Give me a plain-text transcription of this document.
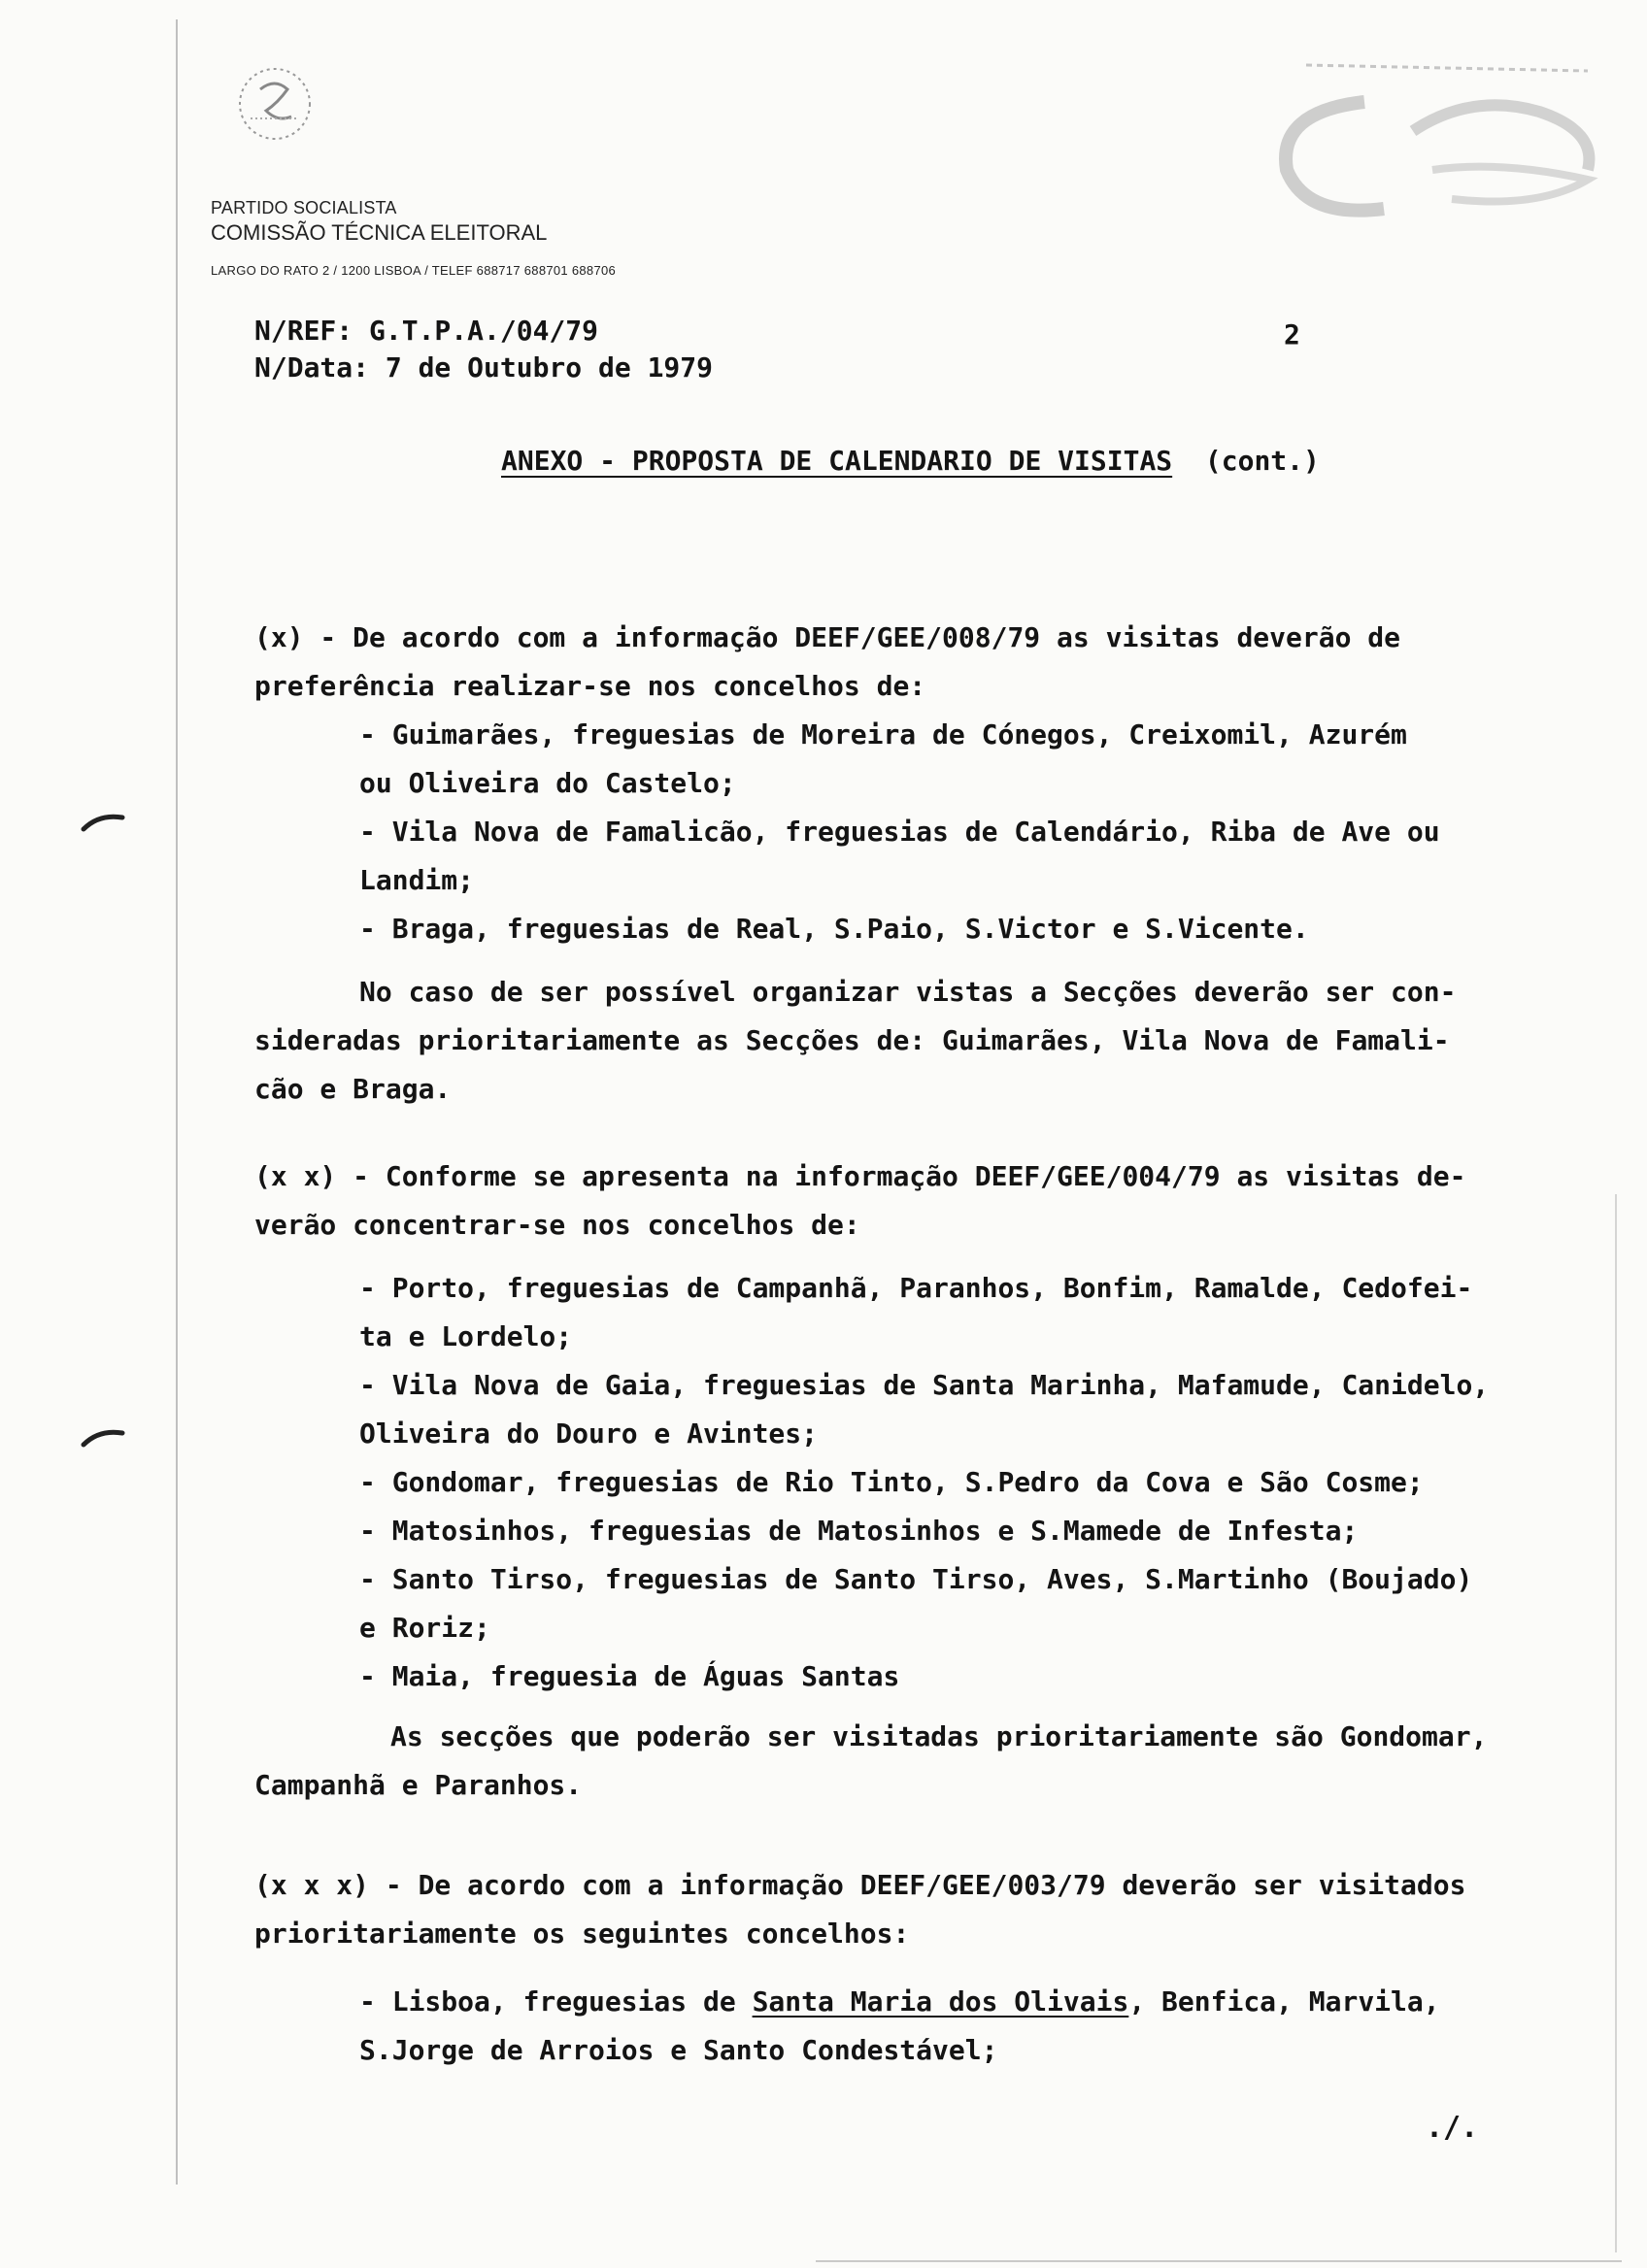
PARTIDO SOCIALISTA
COMISSÃO TÉCNICA ELEITORAL
LARGO DO RATO 2 / 1200 LISBOA / TELEF 688717 688701 688706
N/REF: G.T.P.A./04/79
N/Data: 7 de Outubro de 1979
2
ANEXO - PROPOSTA DE CALENDARIO DE VISITAS (cont.)
(x) - De acordo com a informação DEEF/GEE/008/79 as visitas deverão de
preferência realizar-se nos concelhos de:
- Guimarães, freguesias de Moreira de Cónegos, Creixomil, Azurém
ou Oliveira do Castelo;
- Vila Nova de Famalicão, freguesias de Calendário, Riba de Ave ou
Landim;
- Braga, freguesias de Real, S.Paio, S.Victor e S.Vicente.
No caso de ser possível organizar vistas a Secções deverão ser con-
sideradas prioritariamente as Secções de: Guimarães, Vila Nova de Famali-
cão e Braga.
(x x) - Conforme se apresenta na informação DEEF/GEE/004/79 as visitas de-
verão concentrar-se nos concelhos de:
- Porto, freguesias de Campanhã, Paranhos, Bonfim, Ramalde, Cedofei-
ta e Lordelo;
- Vila Nova de Gaia, freguesias de Santa Marinha, Mafamude, Canidelo,
Oliveira do Douro e Avintes;
- Gondomar, freguesias de Rio Tinto, S.Pedro da Cova e São Cosme;
- Matosinhos, freguesias de Matosinhos e S.Mamede de Infesta;
- Santo Tirso, freguesias de Santo Tirso, Aves, S.Martinho (Boujado)
e Roriz;
- Maia, freguesia de Águas Santas
As secções que poderão ser visitadas prioritariamente são Gondomar,
Campanhã e Paranhos.
(x x x) - De acordo com a informação DEEF/GEE/003/79 deverão ser visitados
prioritariamente os seguintes concelhos:
- Lisboa, freguesias de Santa Maria dos Olivais, Benfica, Marvila,
S.Jorge de Arroios e Santo Condestável;
./.
